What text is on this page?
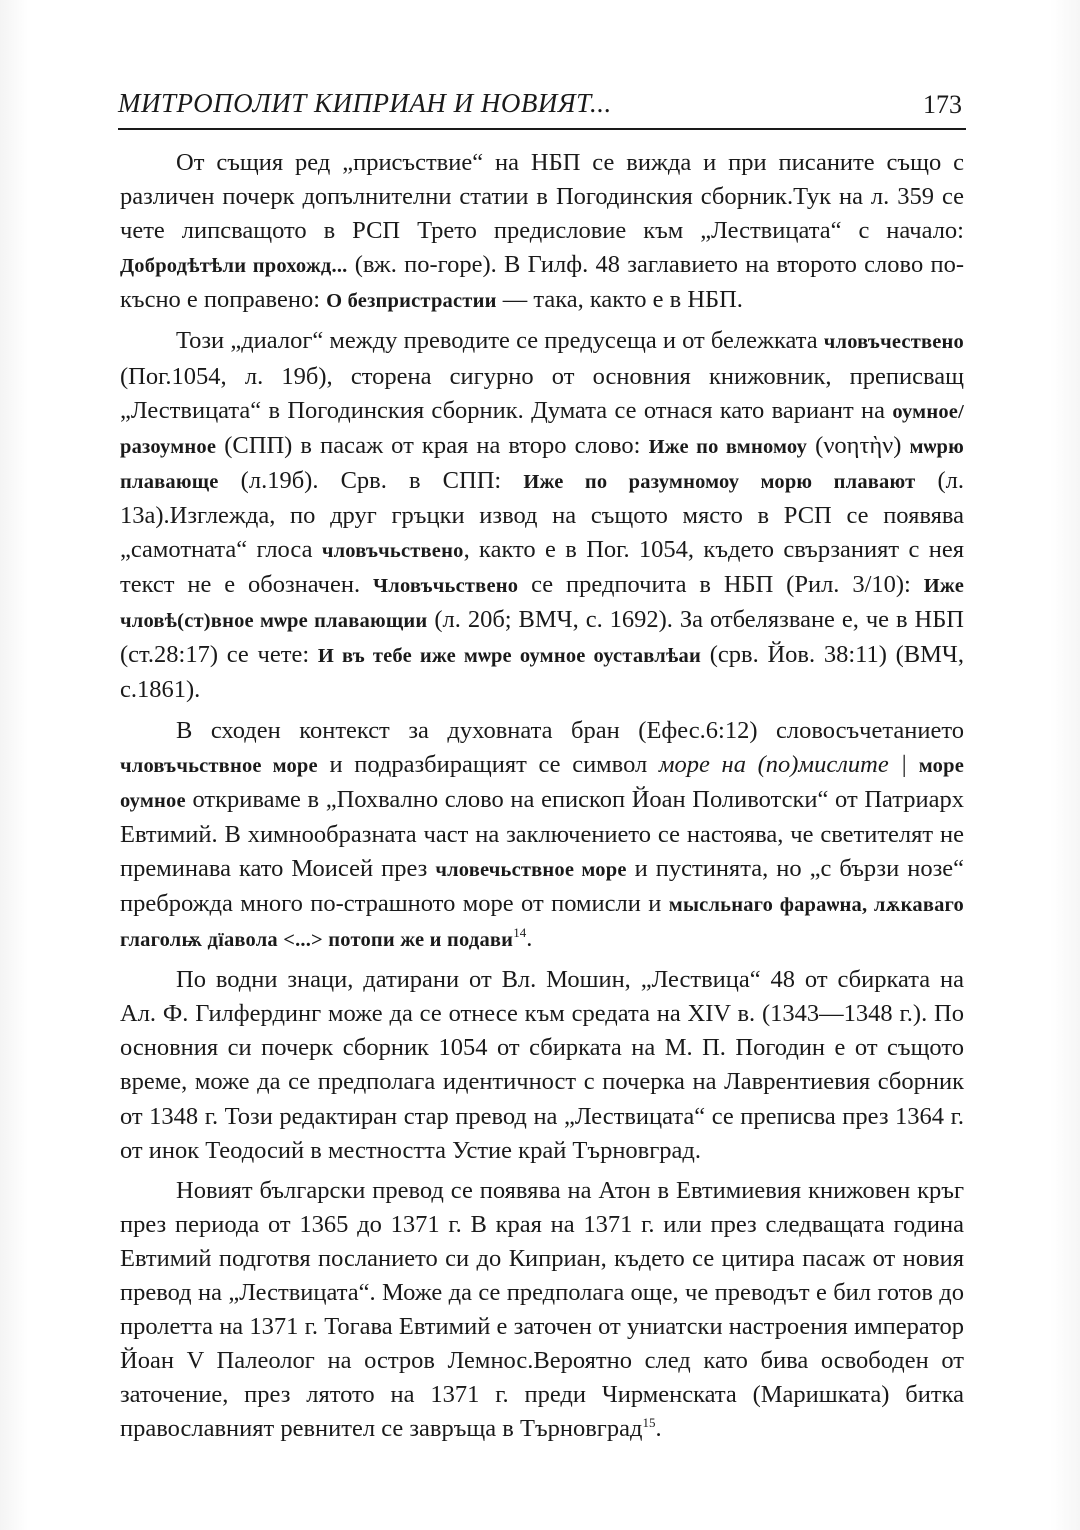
МИТРОПОЛИТ КИПРИАН И НОВИЯТ...	173

От същия ред „присъствие“ на НБП се вижда и при писаните също с различен почерк допълнителни статии в Погодинския сборник.Тук на л. 359 се чете липсващото в РСП Трето предисловие към „Лествицата“ с начало: Добродѣтѣли прохожд... (вж. по-горе). В Гилф. 48 заглавието на второто слово по-късно е поправено: О безпристрастии — така, както е в НБП.

Този „диалог“ между преводите се предусеща и от бележката чловъчествено (Пог.1054, л. 19б), сторена сигурно от основния книжовник, преписващ „Лествицата“ в Погодинския сборник. Думата се отнася като вариант на оумное/ разоумное (СПП) в пасаж от края на второ слово: Иже по вмномоу (νοητὴν) мѡрю плавающе (л.19б). Срв. в СПП: Иже по разумномоу морю плавают (л. 13а).Изглежда, по друг гръцки извод на същото място в РСП се появява „самотната“ глоса чловъчьствено, както е в Пог. 1054, където свързаният с нея текст не е обозначен. Чловъчьствено се предпочита в НБП (Рил. 3/10): Иже чловѣ(ст)вное мѡре плавающии (л. 20б; ВМЧ, с. 1692). За отбелязване е, че в НБП (ст.28:17) се чете: И въ тебе иже мѡре оумное оуставлѣаи (срв. Йов. 38:11) (ВМЧ, с.1861).

В сходен контекст за духовната бран (Ефес.6:12) словосъчетанието чловъчьствное море и подразбиращият се символ море на (по)мислите | море оумное откриваме в „Похвално слово на епископ Йоан Поливотски“ от Патриарх Евтимий. В химнообразната част на заключението се настоява, че светителят не преминава като Моисей през чловечьствное море и пустинята, но „с бързи нозе“ преброжда много по-страшното море от помисли и мысльнаго фараѡна, лѫкаваго глаголѭ дїавола <...> потопи же и подави$^{14}$.

По водни знаци, датирани от Вл. Мошин, „Лествица“ 48 от сбирката на Ал. Ф. Гилфердинг може да се отнесе към средата на XIV в. (1343—1348 г.). По основния си почерк сборник 1054 от сбирката на М. П. Погодин е от същото време, може да се предполага идентичност с почерка на Лаврентиевия сборник от 1348 г. Този редактиран стар превод на „Лествицата“ се преписва през 1364 г. от инок Теодосий в местността Устие край Търновград.

Новият български превод се появява на Атон в Евтимиевия книжовен кръг през периода от 1365 до 1371 г. В края на 1371 г. или през следващата година Евтимий подготвя посланието си до Киприан, където се цитира пасаж от новия превод на „Лествицата“. Може да се предполага още, че преводът е бил готов до пролетта на 1371 г. Тогава Евтимий е заточен от униатски настроения император Йоан V Палеолог на остров Лемнос.Вероятно след като бива освободен от заточение, през лятото на 1371 г. преди Чирменската (Маришката) битка православният ревнител се завръща в Търновград$^{15}$.
